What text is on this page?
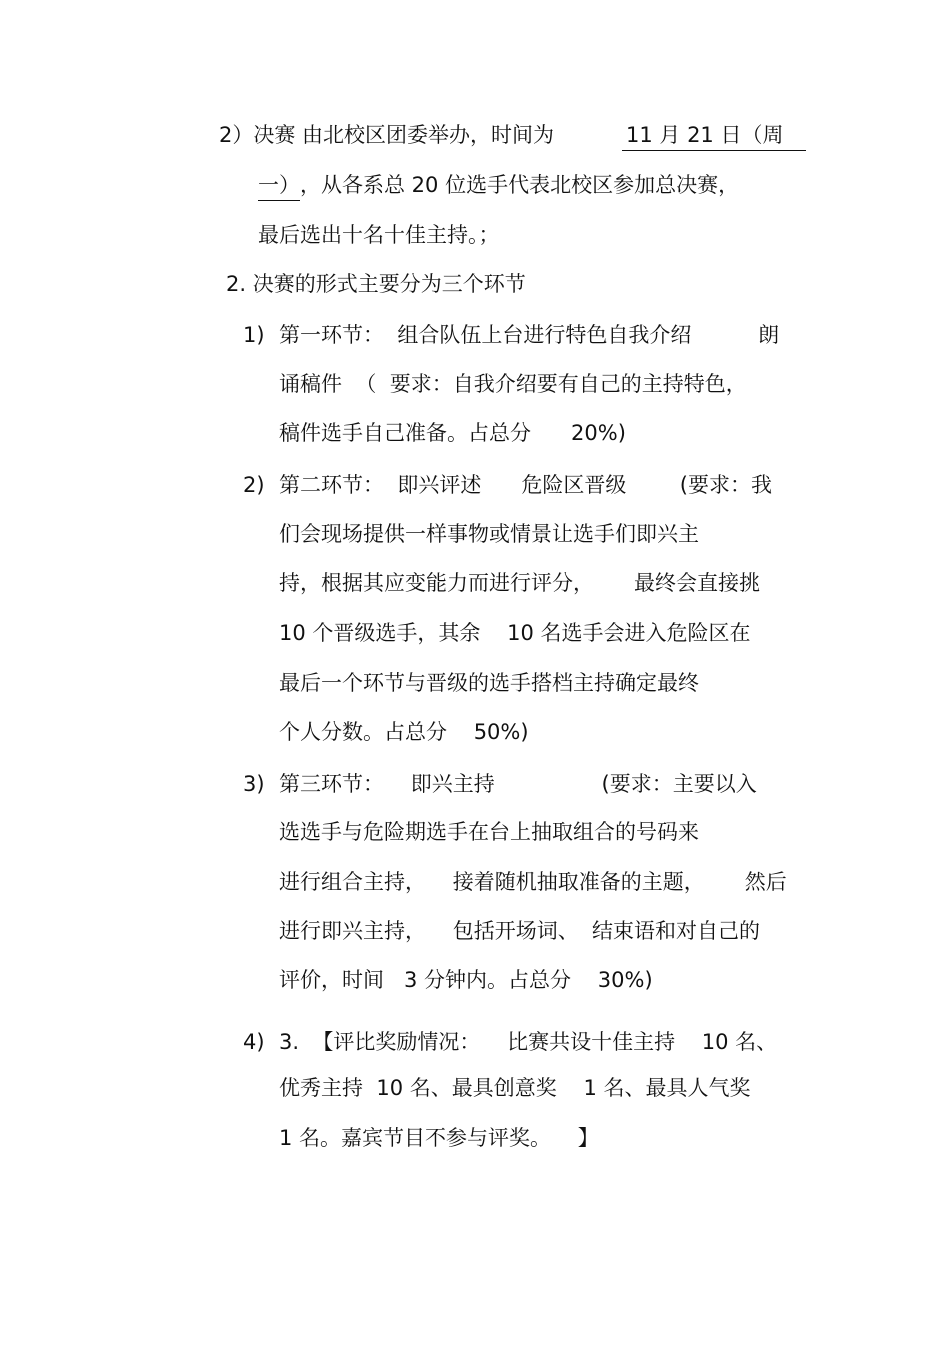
2）决赛 由北校区团委举办，时间为	11 月 21 日（周
一） ，从各系总 20 位选手代表北校区参加总决赛，
最后选出十名十佳主持。；
2. 决赛的形式主要分为三个环节
1) 第一环节：  组合队伍上台进行特色自我介绍          朗
诵稿件  （  要求：自我介绍要有自己的主持特色，
稿件选手自己准备。占总分      20%)
2) 第二环节：  即兴评述      危险区晋级        (要求：我
们会现场提供一样事物或情景让选手们即兴主
持，根据其应变能力而进行评分，      最终会直接挑
10 个晋级选手，其余    10 名选手会进入危险区在
最后一个环节与晋级的选手搭档主持确定最终
个人分数。占总分    50%)
3) 第三环节：    即兴主持                (要求：主要以入
选选手与危险期选手在台上抽取组合的号码来
进行组合主持，    接着随机抽取准备的主题，      然后
进行即兴主持，    包括开场词、  结束语和对自己的
评价，时间   3 分钟内。占总分    30%)
4) 3.  【评比奖励情况：    比赛共设十佳主持    10 名、
优秀主持  10 名、最具创意奖    1 名、最具人气奖
1 名。嘉宾节目不参与评奖。    】
